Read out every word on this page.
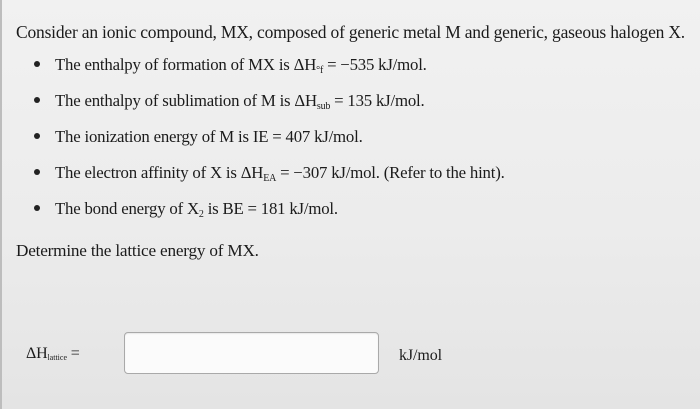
Consider an ionic compound, MX, composed of generic metal M and generic, gaseous halogen X.
The enthalpy of formation of MX is $\Delta H^\circ_f = -535$ kJ/mol.
The enthalpy of sublimation of M is $\Delta H_{sub} = 135$ kJ/mol.
The ionization energy of M is IE = 407 kJ/mol.
The electron affinity of X is $\Delta H_{EA} = -307$ kJ/mol. (Refer to the hint).
The bond energy of $X_2$ is BE = 181 kJ/mol.
Determine the lattice energy of MX.
$\Delta H_{lattice}$ =	kJ/mol
